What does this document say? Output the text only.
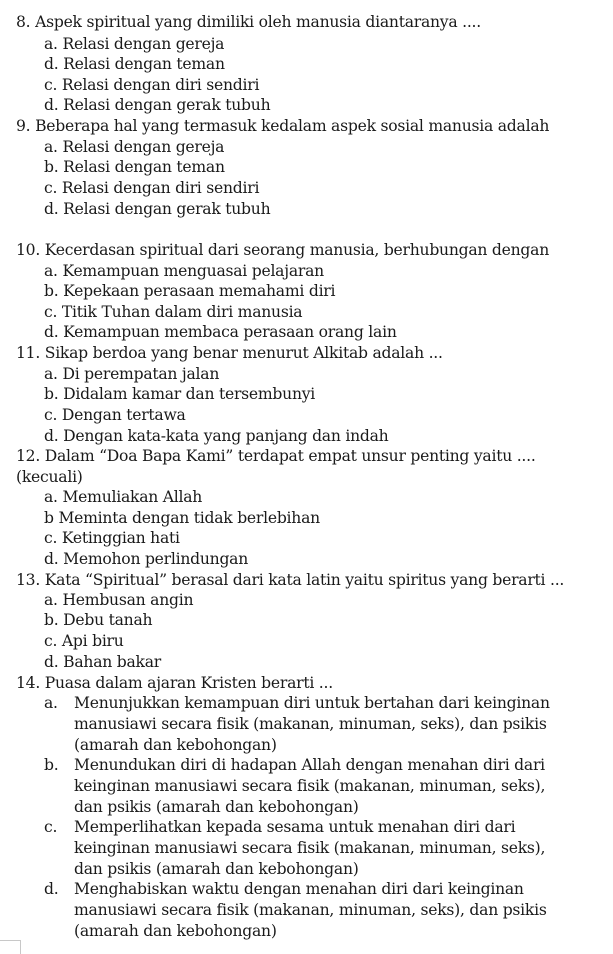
8. Aspek spiritual yang dimiliki oleh manusia diantaranya ....
a. Relasi dengan gereja
d. Relasi dengan teman
c. Relasi dengan diri sendiri
d. Relasi dengan gerak tubuh
9. Beberapa hal yang termasuk kedalam aspek sosial manusia adalah
a. Relasi dengan gereja
b. Relasi dengan teman
c. Relasi dengan diri sendiri
d. Relasi dengan gerak tubuh
10. Kecerdasan spiritual dari seorang manusia, berhubungan dengan
a. Kemampuan menguasai pelajaran
b. Kepekaan perasaan memahami diri
c. Titik Tuhan dalam diri manusia
d. Kemampuan membaca perasaan orang lain
11. Sikap berdoa yang benar menurut Alkitab adalah ...
a. Di perempatan jalan
b. Didalam kamar dan tersembunyi
c. Dengan tertawa
d. Dengan kata-kata yang panjang dan indah
12. Dalam “Doa Bapa Kami” terdapat empat unsur penting yaitu ....
(kecuali)
a. Memuliakan Allah
b Meminta dengan tidak berlebihan
c. Ketinggian hati
d. Memohon perlindungan
13. Kata “Spiritual” berasal dari kata latin yaitu spiritus yang berarti ...
a. Hembusan angin
b. Debu tanah
c. Api biru
d. Bahan bakar
14. Puasa dalam ajaran Kristen berarti ...
a. Menunjukkan kemampuan diri untuk bertahan dari keinginan
manusiawi secara fisik (makanan, minuman, seks), dan psikis
(amarah dan kebohongan)
b. Menundukan diri di hadapan Allah dengan menahan diri dari
keinginan manusiawi secara fisik (makanan, minuman, seks),
dan psikis (amarah dan kebohongan)
c. Memperlihatkan kepada sesama untuk menahan diri dari
keinginan manusiawi secara fisik (makanan, minuman, seks),
dan psikis (amarah dan kebohongan)
d. Menghabiskan waktu dengan menahan diri dari keinginan
manusiawi secara fisik (makanan, minuman, seks), dan psikis
(amarah dan kebohongan)
